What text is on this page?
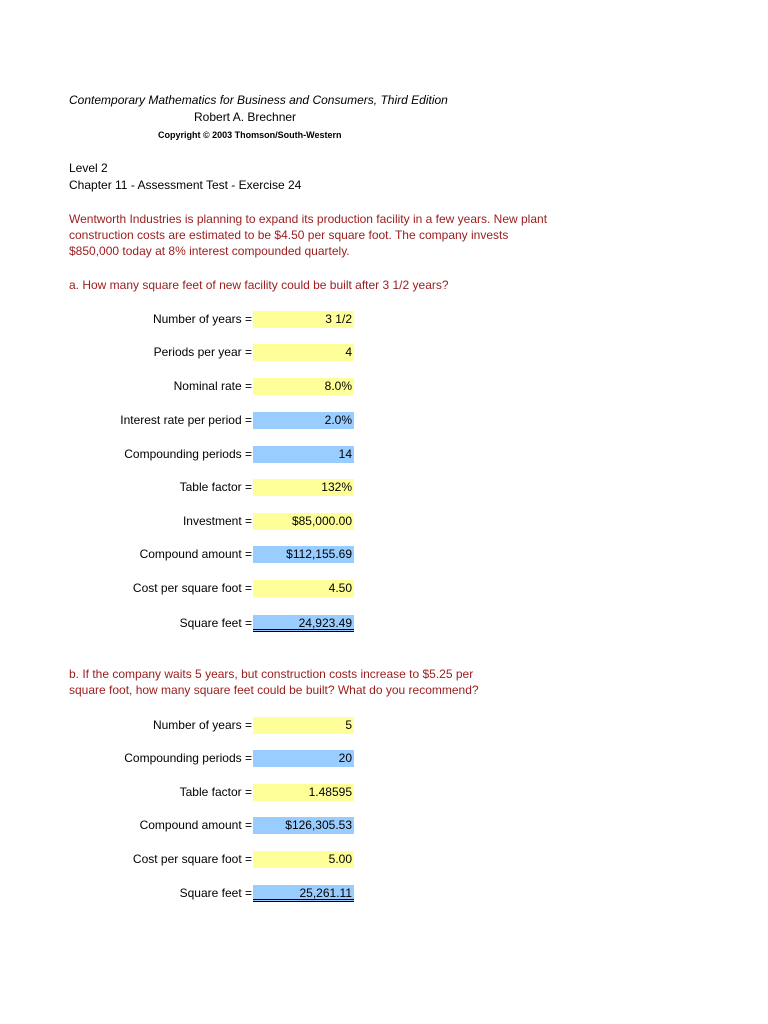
Contemporary Mathematics for Business and Consumers, Third Edition
Robert A. Brechner
Copyright © 2003 Thomson/South-Western
Level 2
Chapter 11 - Assessment Test - Exercise 24
Wentworth Industries is planning to expand its production facility in a few years. New plant
construction costs are estimated to be $4.50 per square foot. The company invests
$850,000 today at 8% interest compounded quartely.
a. How many square feet of new facility could be built after 3 1/2 years?
Number of years =	3 1/2
Periods per year =	4
Nominal rate =	8.0%
Interest rate per period =	2.0%
Compounding periods =	14
Table factor =	132%
Investment =	$85,000.00
Compound amount =	$112,155.69
Cost per square foot =	4.50
Square feet =	24,923.49
b. If the company waits 5 years, but construction costs increase to $5.25 per
square foot, how many square feet could be built? What do you recommend?
Number of years =	5
Compounding periods =	20
Table factor =	1.48595
Compound amount =	$126,305.53
Cost per square foot =	5.00
Square feet =	25,261.11
